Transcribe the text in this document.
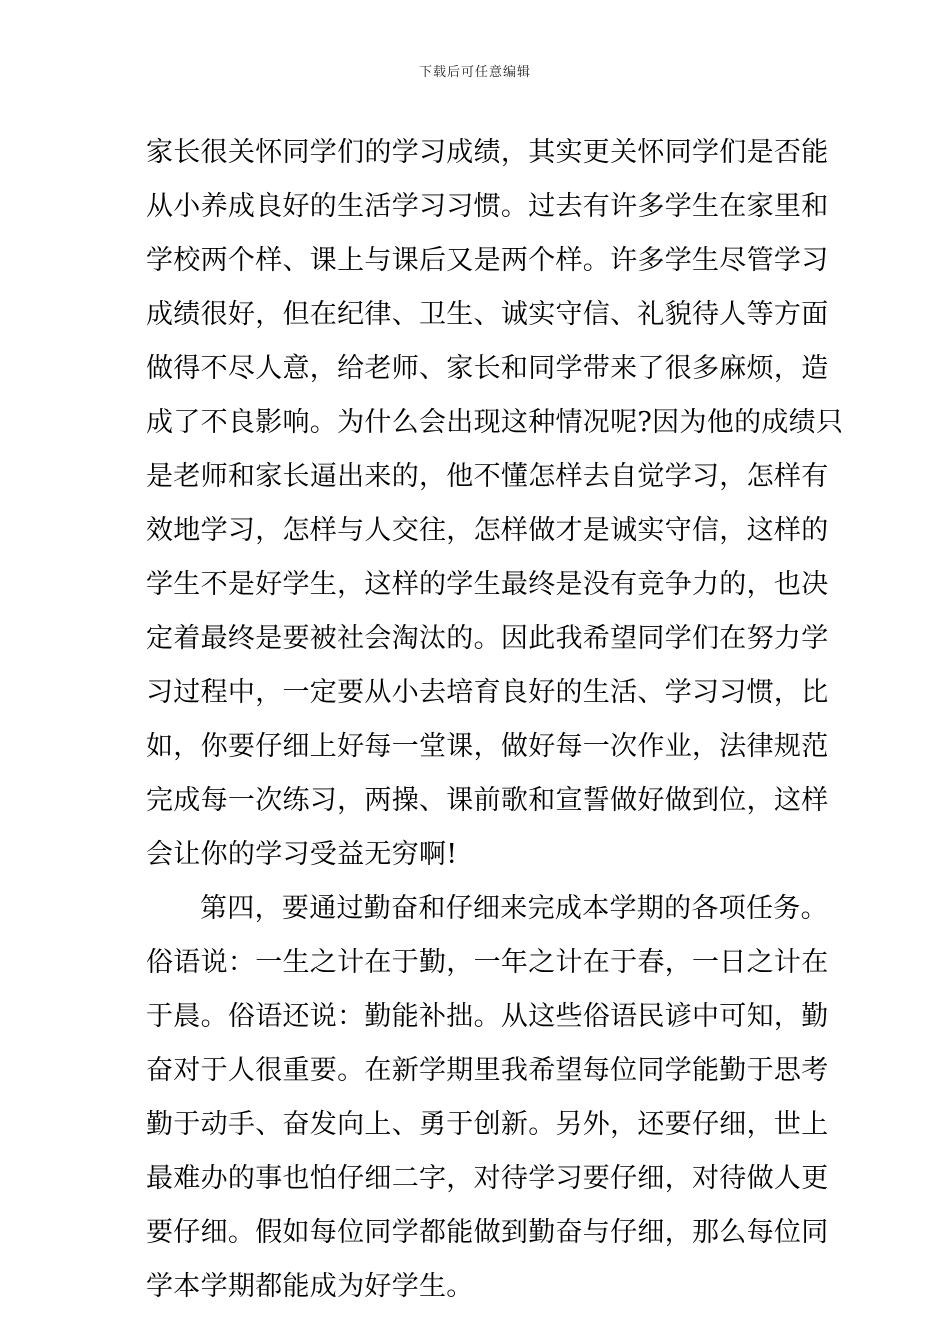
下载后可任意编辑
家长很关怀同学们的学习成绩，其实更关怀同学们是否能
从小养成良好的生活学习习惯。过去有许多学生在家里和
学校两个样、课上与课后又是两个样。许多学生尽管学习
成绩很好，但在纪律、卫生、诚实守信、礼貌待人等方面
做得不尽人意，给老师、家长和同学带来了很多麻烦，造
成了不良影响。为什么会出现这种情况呢?因为他的成绩只
是老师和家长逼出来的，他不懂怎样去自觉学习，怎样有
效地学习，怎样与人交往，怎样做才是诚实守信，这样的
学生不是好学生，这样的学生最终是没有竞争力的，也决
定着最终是要被社会淘汰的。因此我希望同学们在努力学
习过程中，一定要从小去培育良好的生活、学习习惯，比
如，你要仔细上好每一堂课，做好每一次作业，法律规范
完成每一次练习，两操、课前歌和宣誓做好做到位，这样
会让你的学习受益无穷啊!
第四，要通过勤奋和仔细来完成本学期的各项任务。
俗语说：一生之计在于勤，一年之计在于春，一日之计在
于晨。俗语还说：勤能补拙。从这些俗语民谚中可知，勤
奋对于人很重要。在新学期里我希望每位同学能勤于思考
勤于动手、奋发向上、勇于创新。另外，还要仔细，世上
最难办的事也怕仔细二字，对待学习要仔细，对待做人更
要仔细。假如每位同学都能做到勤奋与仔细，那么每位同
学本学期都能成为好学生。
